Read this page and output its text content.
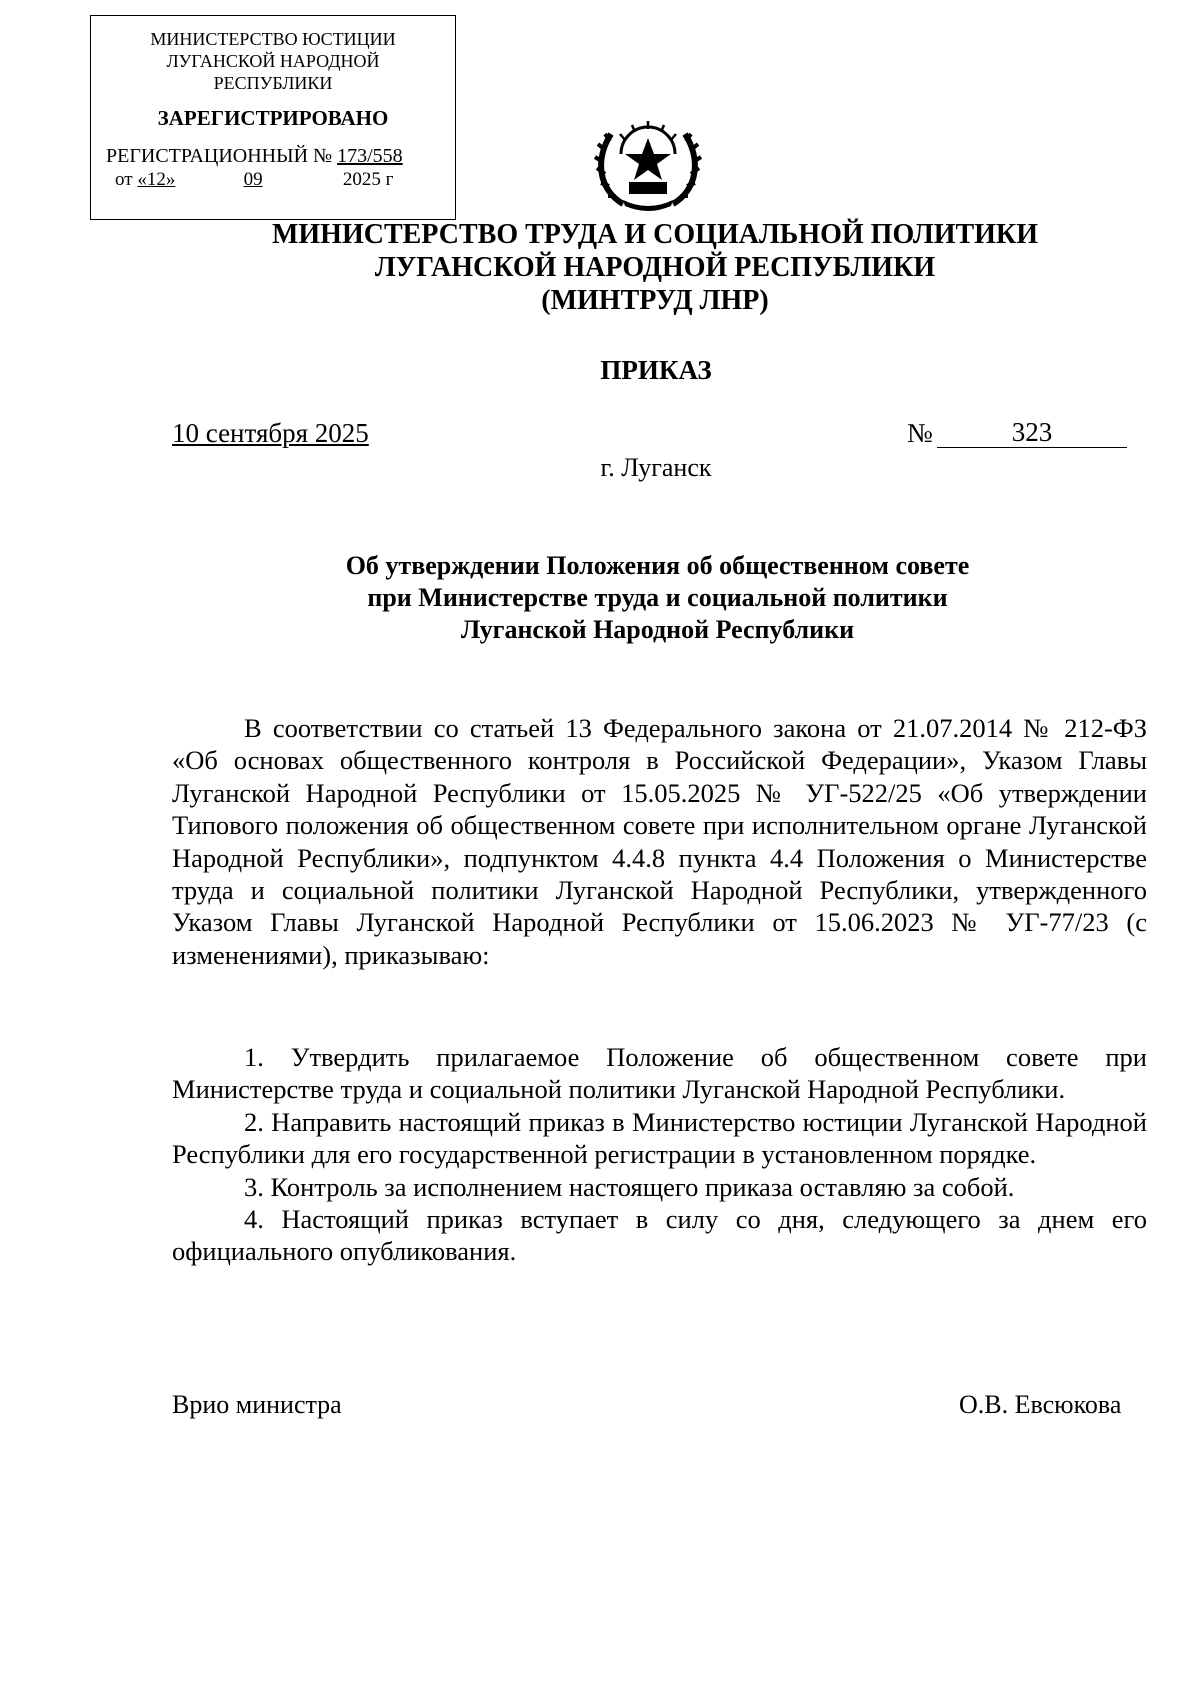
МИНИСТЕРСТВО ЮСТИЦИИ
ЛУГАНСКОЙ НАРОДНОЙ
РЕСПУБЛИКИ
ЗАРЕГИСТРИРОВАНО
РЕГИСТРАЦИОННЫЙ № 173/558
от «12»	09	2025 г
МИНИСТЕРСТВО ТРУДА И СОЦИАЛЬНОЙ ПОЛИТИКИ
ЛУГАНСКОЙ НАРОДНОЙ РЕСПУБЛИКИ
(МИНТРУД ЛНР)
ПРИКАЗ
10 сентября 2025	№	323
г. Луганск
Об утверждении Положения об общественном совете
при Министерстве труда и социальной политики
Луганской Народной Республики

В соответствии со статьей 13 Федерального закона от 21.07.2014 № 212-ФЗ «Об основах общественного контроля в Российской Федерации», Указом Главы Луганской Народной Республики от 15.05.2025 № УГ-522/25 «Об утверждении Типового положения об общественном совете при исполнительном органе Луганской Народной Республики», подпунктом 4.4.8 пункта 4.4 Положения о Министерстве труда и социальной политики Луганской Народной Республики, утвержденного Указом Главы Луганской Народной Республики от 15.06.2023 № УГ-77/23 (с изменениями), приказываю:

1. Утвердить прилагаемое Положение об общественном совете при Министерстве труда и социальной политики Луганской Народной Республики.

2. Направить настоящий приказ в Министерство юстиции Луганской Народной Республики для его государственной регистрации в установленном порядке.

3. Контроль за исполнением настоящего приказа оставляю за собой.

4. Настоящий приказ вступает в силу со дня, следующего за днем его официального опубликования.

Врио министра	О.В. Евсюкова
